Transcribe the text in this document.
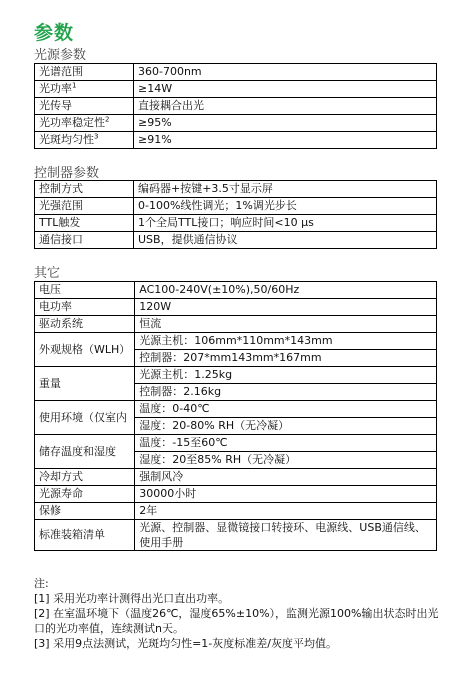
参数
光源参数
光谱范围	360-700nm
光功率$^1$	≥14W
光传导	直接耦合出光
光功率稳定性$^2$	≥95%
光斑均匀性$^3$	≥91%
控制器参数
控制方式	编码器+按键+3.5寸显示屏
光强范围	0-100%线性调光；1%调光步长
TTL触发	1个全局TTL接口；响应时间<10 μs
通信接口	USB，提供通信协议
其它
电压	AC100-240V(±10%),50/60Hz
电功率	120W
驱动系统	恒流
外观规格（WLH）	光源主机：106mm*110mm*143mm
	控制器：207*mm143mm*167mm
重量	光源主机：1.25kg
	控制器：2.16kg
使用环境（仅室内	温度：0-40℃
	湿度：20-80% RH（无冷凝）
储存温度和湿度	温度：-15至60℃
	湿度：20至85% RH（无冷凝）
冷却方式	强制风冷
光源寿命	30000小时
保修	2年
标准装箱清单	光源、控制器、显微镜接口转接环、电源线、USB通信线、使用手册
注:
[1] 采用光功率计测得出光口直出功率。
[2] 在室温环境下（温度26℃，湿度65%±10%），监测光源100%输出状态时出光口的光功率值，连续测试n天。
[3] 采用9点法测试，光斑均匀性=1-灰度标准差/灰度平均值。
